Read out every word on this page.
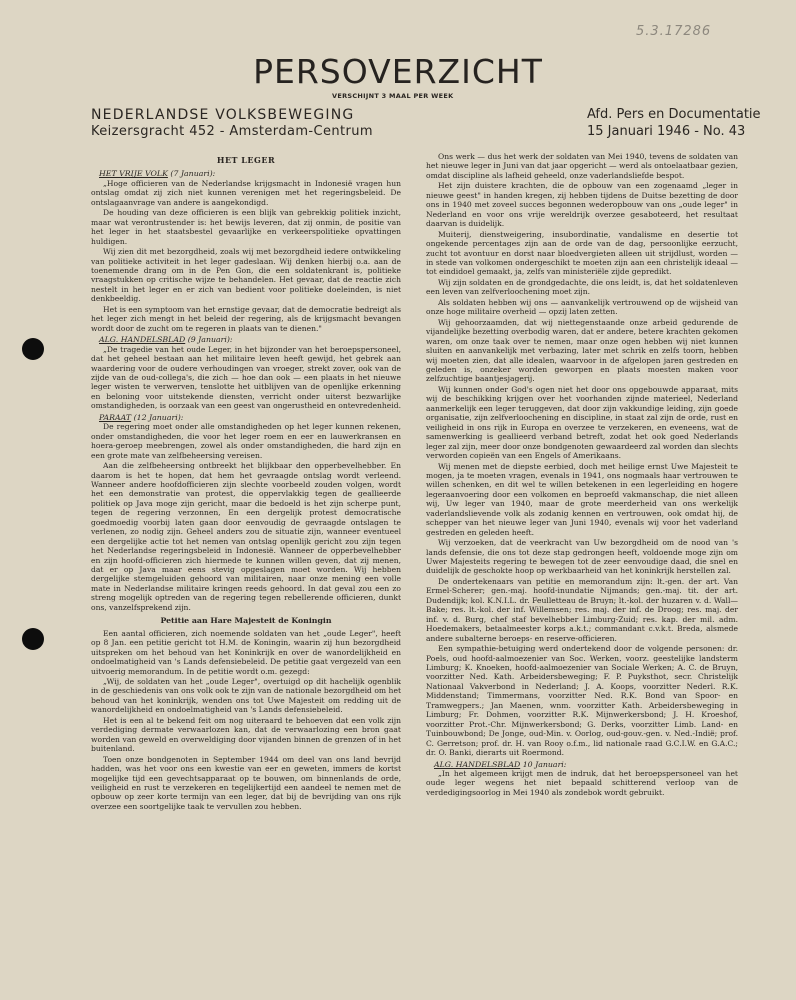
5.3.17286
PERSOVERZICHT
VERSCHIJNT 3 MAAL PER WEEK
NEDERLANDSE VOLKSBEWEGING
Keizersgracht 452 - Amsterdam-Centrum
Afd. Pers en Documentatie
15 Januari 1946 - No. 43
HET LEGER
HET VRIJE VOLK (7 Januari):

„Hoge officieren van de Nederlandse krijgsmacht in Indonesië vragen hun ontslag omdat zij zich niet kunnen verenigen met het regeringsbeleid. De ontslagaanvrage van andere is aangekondigd.

De houding van deze officieren is een blijk van gebrekkig politiek inzicht, maar wat verontrustender is: het bewijs leveren, dat zij onmin, de positie van het leger in het staatsbestel gevaarlijke en verkeerspolitieke opvattingen huldigen.

Wij zien dit met bezorgdheid, zoals wij met bezorgdheid iedere ontwikkeling van politieke activiteit in het leger gadeslaan. Wij denken hierbij o.a. aan de toenemende drang om in de Pen Gon, die een soldatenkrant is, politieke vraagstukken op critische wijze te behandelen. Het gevaar, dat de reactie zich nestelt in het leger en er zich van bedient voor politieke doeleinden, is niet denkbeeldig.

Het is een symptoom van het ernstige gevaar, dat de democratie bedreigt als het leger zich mengt in het beleid der regering, als de krijgsmacht bevangen wordt door de zucht om te regeren in plaats van te dienen."

ALG. HANDELSBLAD (9 Januari):

„De tragedie van het oude Leger, in het bijzonder van het beroepspersoneel, dat het geheel bestaan aan het militaire leven heeft gewijd, het gebrek aan waardering voor de oudere verhoudingen van vroeger, strekt zover, ook van de zijde van de oud-collega's, die zich — hoe dan ook — een plaats in het nieuwe leger wisten te verwerven, tenslotte het uitblijven van de openlijke erkenning en beloning voor uitstekende diensten, verricht onder uiterst bezwarlijke omstandigheden, is oorzaak van een geest van ongerustheid en ontevredenheid.

PARAAT (12 Januari):

De regering moet onder alle omstandigheden op het leger kunnen rekenen, onder omstandigheden, die voor het leger roem en eer en lauwerkransen en hoera-geroep meebrengen, zowel als onder omstandigheden, die hard zijn en een grote mate van zelfbeheersing vereisen.

Aan die zelfbeheersing ontbreekt het blijkbaar den opperbevelhebber. En daarom is het te hopen, dat hem het gevraagde ontslag wordt verleend. Wanneer andere hoofdofficieren zijn slechte voorbeeld zouden volgen, wordt het een demonstratie van protest, die oppervlakkig tegen de geallieerde politiek op Java moge zijn gericht, maar die bedoeld is het zijn scherpe punt, tegen de regering verzonnen, En een dergelijk protest democratische goedmoedig voorbij laten gaan door eenvoudig de gevraagde ontslagen te verlenen, zo nodig zijn. Geheel anders zou de situatie zijn, wanneer eventueel een dergelijke actie tot het nemen van ontslag openlijk gericht zou zijn tegen het Nederlandse regeringsbeleid in Indonesië. Wanneer de opperbevelhebber en zijn hoofd-officieren zich hiermede te kunnen willen geven, dat zij menen, dat er op Java maar eens stevig opgeslagen moet worden. Wij hebben dergelijke stemgeluiden gehoord van militairen, naar onze mening een volle mate in Nederlandse militaire kringen reeds gehoord. In dat geval zou een zo streng mogelijk optreden van de regering tegen rebellerende officieren, dunkt ons, vanzelfsprekend zijn.

Petitie aan Hare Majesteit de Koningin

Een aantal officieren, zich noemende soldaten van het „oude Leger", heeft op 8 Jan. een petitie gericht tot H.M. de Koningin, waarin zij hun bezorgdheid uitspreken om het behoud van het Koninkrijk en over de wanordelijkheid en ondoelmatigheid van 's Lands defensiebeleid. De petitie gaat vergezeld van een uitvoerig memorandum. In de petitie wordt o.m. gezegd:

„Wij, de soldaten van het „oude Leger", overtuigd op dit hachelijk ogenblik in de geschiedenis van ons volk ook te zijn van de nationale bezorgdheid om het behoud van het koninkrijk, wenden ons tot Uwe Majesteit om redding uit de wanordelijkheid en ondoelmatigheid van 's Lands defensiebeleid.

Het is een al te bekend feit om nog uiteraard te behoeven dat een volk zijn verdediging dermate verwaarlozen kan, dat de verwaarlozing een bron gaat worden van geweld en overweldiging door vijanden binnen de grenzen of in het buitenland.

Toen onze bondgenoten in September 1944 om deel van ons land bevrijd hadden, was het voor ons een kwestie van eer en geweten, immers de kortst mogelijke tijd een gevechtsapparaat op te bouwen, om binnenlands de orde, veiligheid en rust te verzekeren en tegelijkertijd een aandeel te nemen met de opbouw op zeer korte termijn van een leger, dat bij de bevrijding van ons rijk overzee een soortgelijke taak te vervullen zou hebben.

Ons werk — dus het werk der soldaten van Mei 1940, tevens de soldaten van het nieuwe leger in Juni van dat jaar opgericht — werd als ontoelaatbaar gezien, omdat discipline als lafheid geheeld, onze vaderlandsliefde bespot.

Het zijn duistere krachten, die de opbouw van een zogenaamd „leger in nieuwe geest" in handen kregen, zij hebben tijdens de Duitse bezetting de door ons in 1940 met zoveel succes begonnen wederopbouw van ons „oude leger" in Nederland en voor ons vrije wereldrijk overzee gesaboteerd, het resultaat daarvan is duidelijk.

Muiterij, dienstweigering, insubordinatie, vandalisme en desertie tot ongekende percentages zijn aan de orde van de dag, persoonlijke eerzucht, zucht tot avontuur en dorst naar bloedvergieten alleen uit strijdlust, worden — in stede van volkomen ondergeschikt te moeten zijn aan een christelijk ideaal — tot eindidoel gemaakt, ja, zelfs van ministeriële zijde gepredikt.

Wij zijn soldaten en de grondgedachte, die ons leidt, is, dat het soldatenleven een leven van zelfverloochening moet zijn.

Als soldaten hebben wij ons — aanvankelijk vertrouwend op de wijsheid van onze hoge militaire overheid — opzij laten zetten.

Wij gehoorzaamden, dat wij niettegenstaande onze arbeid gedurende de vijandelijke bezetting overbodig waren, dat er andere, betere krachten gekomen waren, om onze taak over te nemen, maar onze ogen hebben wij niet kunnen sluiten en aanvankelijk met verbazing, later met schrik en zelfs toorn, hebben wij moeten zien, dat alle idealen, waarvoor in de afgelopen jaren gestreden en geleden is, onzeker worden geworpen en plaats moesten maken voor zelfzuchtige baantjesjagerij.

Wij kunnen onder God's ogen niet het door ons opgebouwde apparaat, mits wij de beschikking krijgen over het voorhanden zijnde materieel, Nederland aanmerkelijk een leger teruggeven, dat door zijn vakkundige leiding, zijn goede organisatie, zijn zelfverloochening en discipline, in staat zal zijn de orde, rust en veiligheid in ons rijk in Europa en overzee te verzekeren, en eveneens, wat de samenwerking is geallieerd verband betreft, zodat het ook goed Nederlands leger zal zijn, meer door onze bondgenoten gewaardeerd zal worden dan slechts verworden copieën van een Engels of Amerikaans.

Wij menen met de diepste eerbied, doch met heilige ernst Uwe Majesteit te mogen, ja te moeten vragen, evenals in 1941, ons nogmaals haar vertrouwen te willen schenken, en dit wel te willen betekenen in een legerleiding en hogere legeraanvoering door een volkomen en beproefd vakmanschap, die niet alleen wij, Uw leger van 1940, maar de grote meerderheid van ons werkelijk vaderlandslievende volk als zodanig kennen en vertrouwen, ook omdat hij, de schepper van het nieuwe leger van Juni 1940, evenals wij voor het vaderland gestreden en geleden heeft.

Wij verzoeken, dat de veerkracht van Uw bezorgdheid om de nood van 's lands defensie, die ons tot deze stap gedrongen heeft, voldoende moge zijn om Uwer Majesteits regering te bewegen tot de zeer eenvoudige daad, die snel en duidelijk de geschokte hoop op werkbaarheid van het koninkrijk herstellen zal.

De ondertekenaars van petitie en memorandum zijn: lt.-gen. der art. Van Ermel-Scherer; gen.-maj. hoofd-inundatie Nijmands; gen.-maj. tit. der art. Dudendijk; kol. K.N.I.L. dr. Feulletteau de Bruyn; lt.-kol. der huzaren v. d. Wall—Bake; res. lt.-kol. der inf. Willemsen; res. maj. der inf. de Droog; res. maj. der inf. v. d. Burg, chef staf bevelhebber Limburg-Zuid; res. kap. der mil. adm. Hoedemakers, betaalmeester korps a.k.t.; commandant c.v.k.t. Breda, alsmede andere subalterne beroeps- en reserve-officieren.

Een sympathie-betuiging werd ondertekend door de volgende personen: dr. Poels, oud hoofd-aalmoezenier van Soc. Werken, voorz. geestelijke landsterm Limburg; K. Knoeken, hoofd-aalmoezenier van Sociale Werken; A. C. de Bruyn, voorzitter Ned. Kath. Arbeidersbeweging; F. P. Puyksthot, secr. Christelijk Nationaal Vakverbond in Nederland; J. A. Koops, voorzitter Nederl. R.K. Middenstand; Timmermans, voorzitter Ned. R.K. Bond van Spoor- en Tramwegpers.; Jan Maenen, wnm. voorzitter Kath. Arbeidersbeweging in Limburg; Fr. Dohmen, voorzitter R.K. Mijnwerkersbond; J. H. Kroeshof, voorzitter Prot.-Chr. Mijnwerkersbond; G. Derks, voorzitter Limb. Land- en Tuinbouwbond; De Jonge, oud-Min. v. Oorlog, oud-gouv.-gen. v. Ned.-Indië; prof. C. Gerretson; prof. dr. H. van Rooy o.f.m., lid nationale raad G.C.I.W. en G.A.C.; dr. O. Banki, dierarts uit Roermond.

ALG. HANDELSBLAD 10 Januari:

„In het algemeen krijgt men de indruk, dat het beroepspersoneel van het oude leger wegens het niet bepaald schitterend verloop van de verdedigingsoorlog in Mei 1940 als zondebok wordt gebruikt.
